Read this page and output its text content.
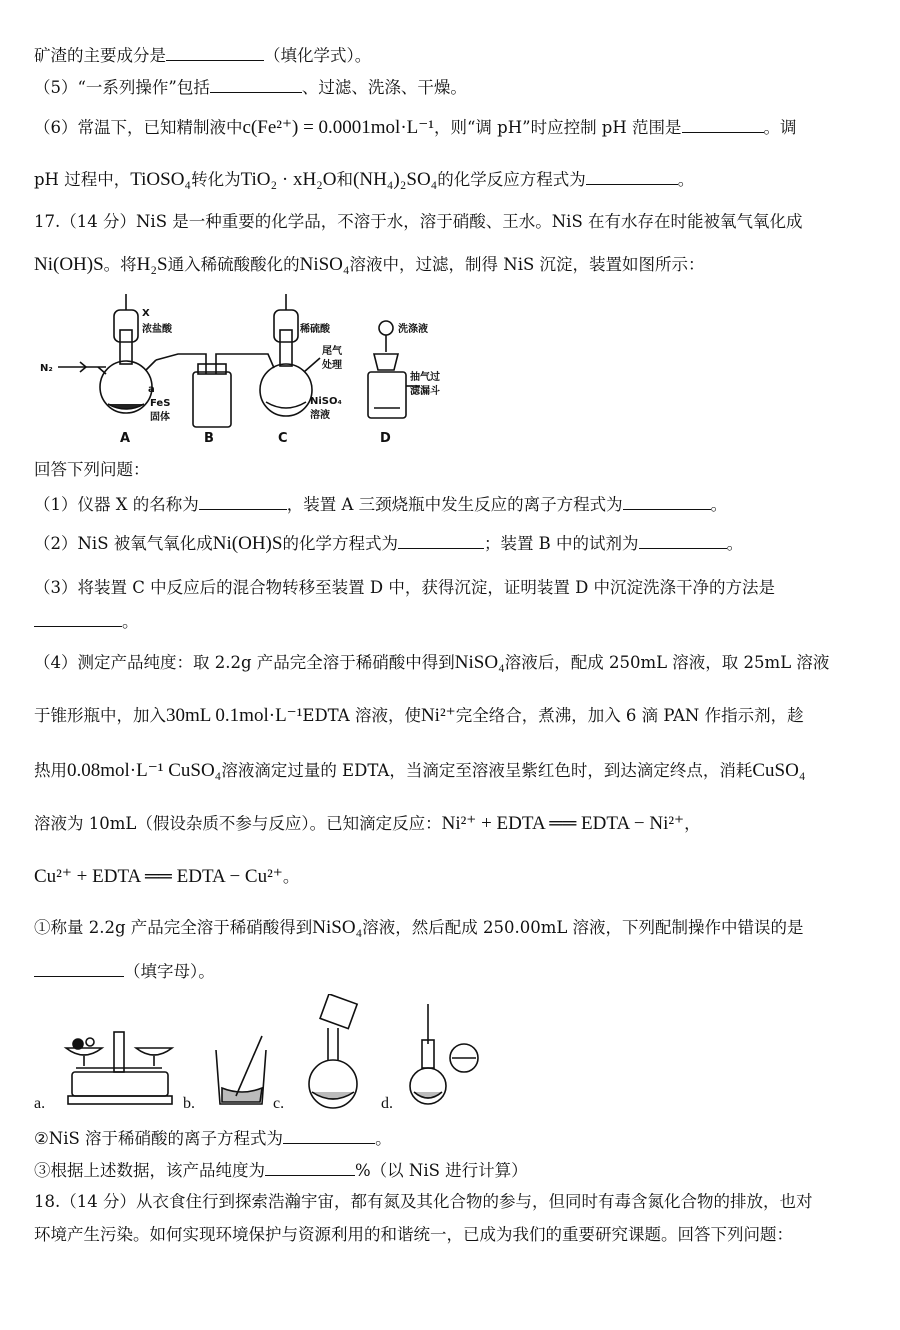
矿渣的主要成分是	（填化学式）。
（5）“一系列操作”包括	、过滤、洗涤、干燥。
（6）常温下，已知精制液中c(Fe²⁺) = 0.0001mol·L⁻¹，则“调 pH”时应控制 pH 范围是	。调
pH 过程中，TiOSO₄转化为TiO₂ · xH₂O和(NH₄)₂SO₄的化学反应方程式为	。
17.（14 分）NiS 是一种重要的化学品，不溶于水，溶于硝酸、王水。NiS 在有水存在时能被氧气氧化成
Ni(OH)S。将H₂S通入稀硫酸酸化的NiSO₄溶液中，过滤，制得 NiS 沉淀，装置如图所示：
N₂
X
浓盐酸
a
FeS
固体
稀硫酸
尾气
处理
NiSO₄
溶液
洗涤液
抽气过
滤漏斗
A	B	C	D
回答下列问题：
（1）仪器 X 的名称为	，装置 A 三颈烧瓶中发生反应的离子方程式为	。
（2）NiS 被氧气氧化成Ni(OH)S的化学方程式为	；装置 B 中的试剂为	。
（3）将装置 C 中反应后的混合物转移至装置 D 中，获得沉淀，证明装置 D 中沉淀洗涤干净的方法是
。
（4）测定产品纯度：取 2.2g 产品完全溶于稀硝酸中得到NiSO₄溶液后，配成 250mL 溶液，取 25mL 溶液
于锥形瓶中，加入30mL 0.1mol·L⁻¹EDTA 溶液，使Ni²⁺完全络合，煮沸，加入 6 滴 PAN 作指示剂，趁
热用0.08mol·L⁻¹ CuSO₄溶液滴定过量的 EDTA，当滴定至溶液呈紫红色时，到达滴定终点，消耗CuSO₄
溶液为 10mL（假设杂质不参与反应）。已知滴定反应：Ni²⁺ + EDTA ══ EDTA − Ni²⁺，
Cu²⁺ + EDTA ══ EDTA − Cu²⁺。
①称量 2.2g 产品完全溶于稀硝酸得到NiSO₄溶液，然后配成 250.00mL 溶液，下列配制操作中错误的是
（填字母）。
a.	b.	c.	d.
②NiS 溶于稀硝酸的离子方程式为	。
③根据上述数据，该产品纯度为	%（以 NiS 进行计算）
18.（14 分）从衣食住行到探索浩瀚宇宙，都有氮及其化合物的参与，但同时有毒含氮化合物的排放，也对
环境产生污染。如何实现环境保护与资源利用的和谐统一，已成为我们的重要研究课题。回答下列问题：
